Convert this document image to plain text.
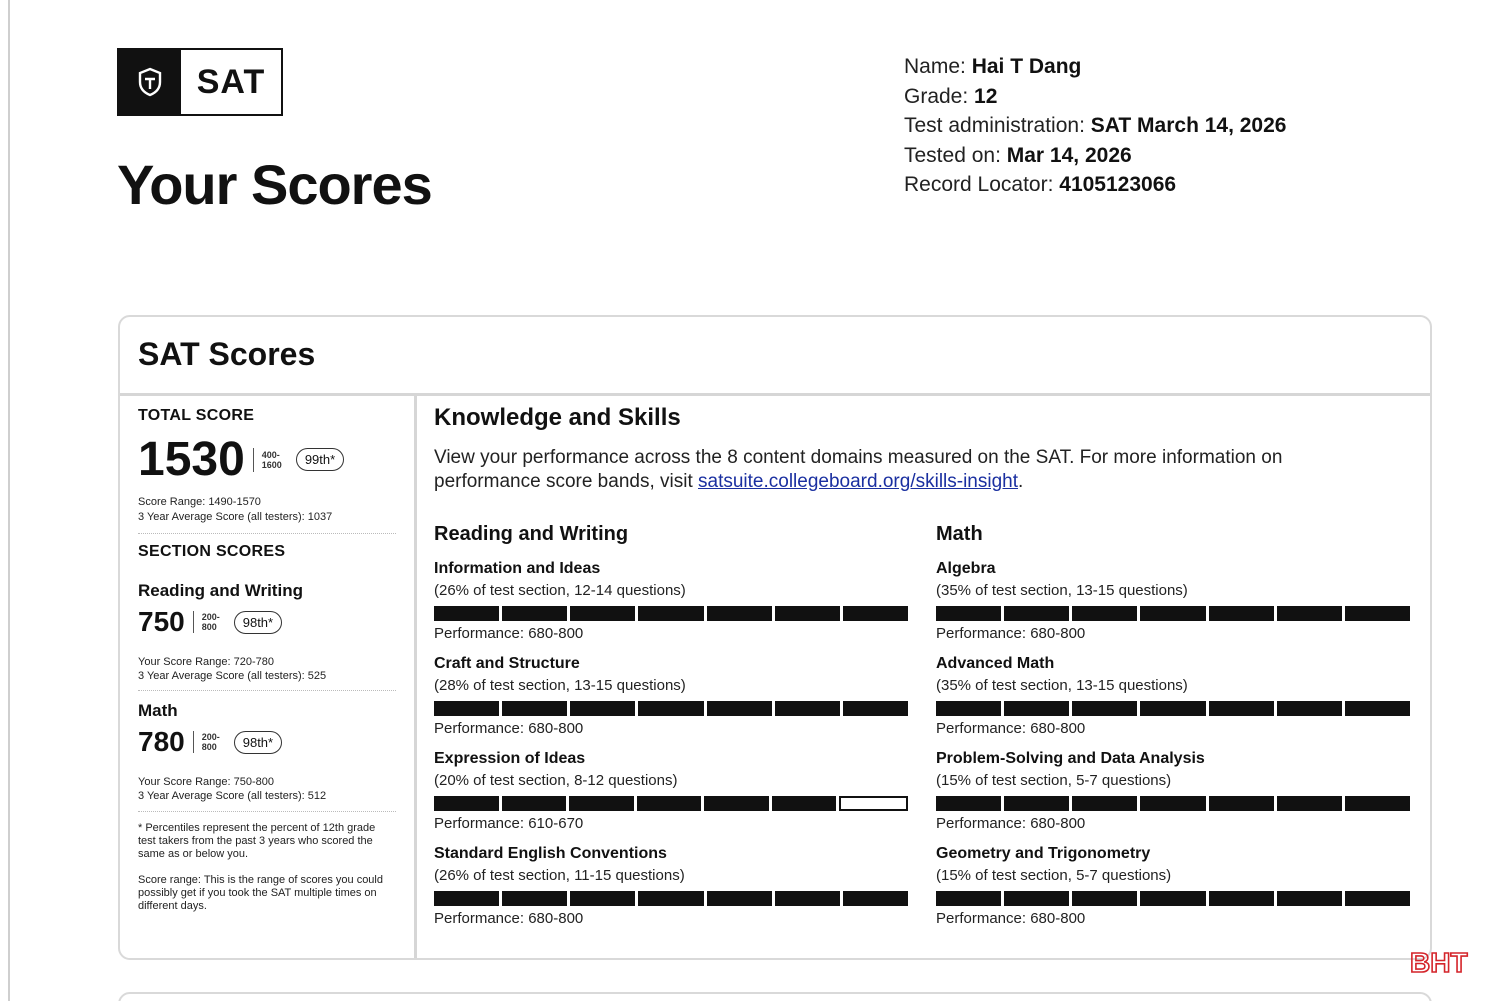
SAT
Your Scores
Name: Hai T Dang
Grade: 12
Test administration: SAT March 14, 2026
Tested on: Mar 14, 2026
Record Locator: 4105123066
SAT Scores
TOTAL SCORE
1530 400-
1600	99th*
Score Range: 1490-1570
3 Year Average Score (all testers): 1037
SECTION SCORES
Reading and Writing
750 200-
800	98th*
Your Score Range: 720-780
3 Year Average Score (all testers): 525
Math
780 200-
800	98th*
Your Score Range: 750-800
3 Year Average Score (all testers): 512
* Percentiles represent the percent of 12th grade test takers from the past 3 years who scored the same as or below you.
Score range: This is the range of scores you could possibly get if you took the SAT multiple times on different days.
Knowledge and Skills
View your performance across the 8 content domains measured on the SAT. For more information on performance score bands, visit satsuite.collegeboard.org/skills-insight.
Reading and Writing	Math
Information and Ideas
(26% of test section, 12-14 questions)
Performance: 680-800
Craft and Structure
(28% of test section, 13-15 questions)
Performance: 680-800
Expression of Ideas
(20% of test section, 8-12 questions)
Performance: 610-670
Standard English Conventions
(26% of test section, 11-15 questions)
Performance: 680-800
Algebra
(35% of test section, 13-15 questions)
Performance: 680-800
Advanced Math
(35% of test section, 13-15 questions)
Performance: 680-800
Problem-Solving and Data Analysis
(15% of test section, 5-7 questions)
Performance: 680-800
Geometry and Trigonometry
(15% of test section, 5-7 questions)
Performance: 680-800
BHT
